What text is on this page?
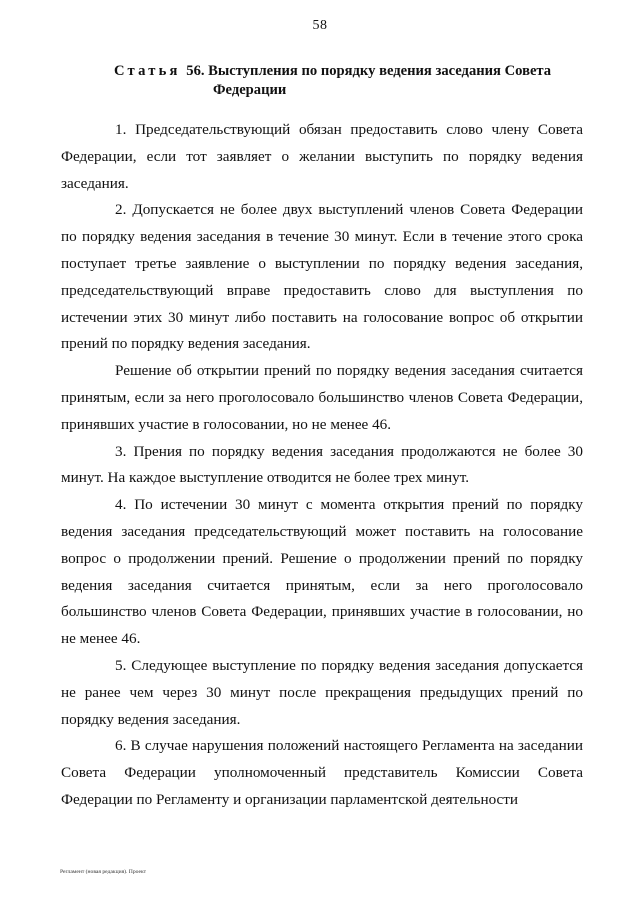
58
Статья 56. Выступления по порядку ведения заседания Совета
Федерации

1. Председательствующий обязан предоставить слово члену Совета Федерации, если тот заявляет о желании выступить по порядку ведения заседания.

2. Допускается не более двух выступлений членов Совета Федерации по порядку ведения заседания в течение 30 минут. Если в течение этого срока поступает третье заявление о выступлении по порядку ведения заседания, председательствующий вправе предоставить слово для выступления по истечении этих 30 минут либо поставить на голосование вопрос об открытии прений по порядку ведения заседания.

Решение об открытии прений по порядку ведения заседания считается принятым, если за него проголосовало большинство членов Совета Федерации, принявших участие в голосовании, но не менее 46.

3. Прения по порядку ведения заседания продолжаются не более 30 минут. На каждое выступление отводится не более трех минут.

4. По истечении 30 минут с момента открытия прений по порядку ведения заседания председательствующий может поставить на голосование вопрос о продолжении прений. Решение о продолжении прений по порядку ведения заседания считается принятым, если за него проголосовало большинство членов Совета Федерации, принявших участие в голосовании, но не менее 46.

5. Следующее выступление по порядку ведения заседания допускается не ранее чем через 30 минут после прекращения предыдущих прений по порядку ведения заседания.

6. В случае нарушения положений настоящего Регламента на заседании Совета Федерации уполномоченный представитель Комиссии Совета Федерации по Регламенту и организации парламентской деятельности

Регламент (новая редакция). Проект
